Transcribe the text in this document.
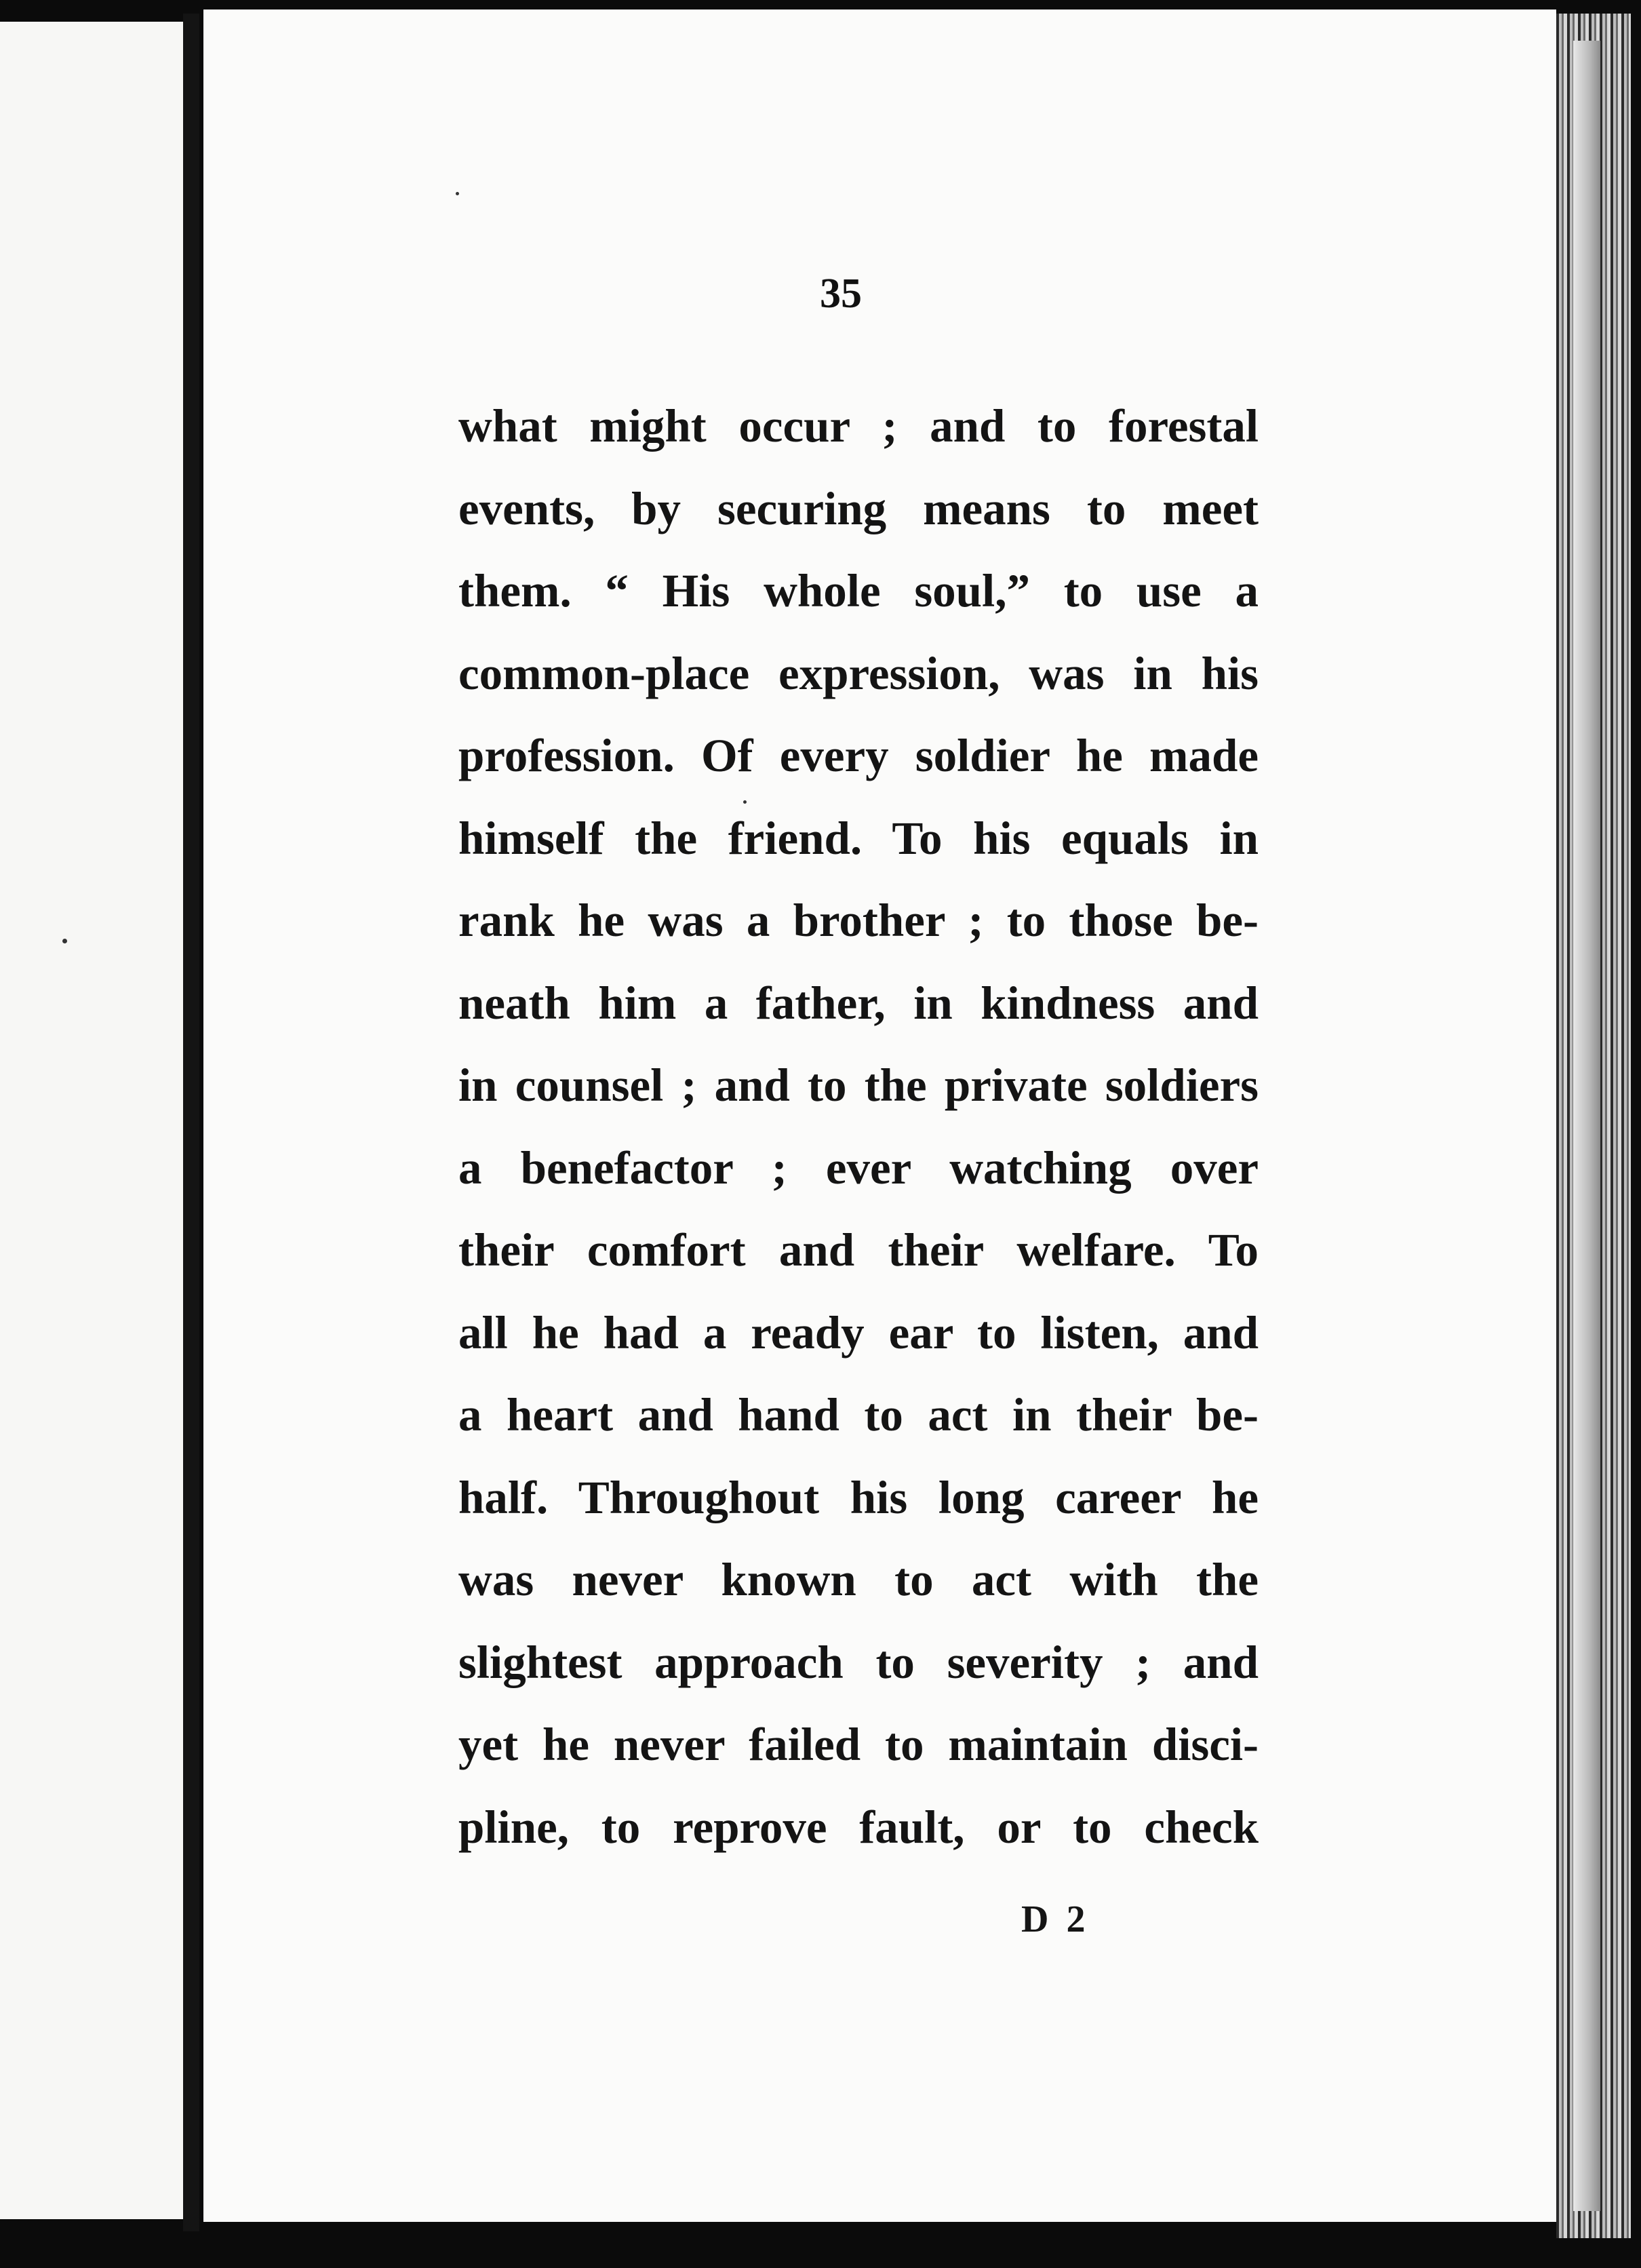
35
what might occur ; and to forestal
events, by securing means to meet
them. “ His whole soul,” to use a
common-place expression, was in his
profession. Of every soldier he made
himself the friend. To his equals in
rank he was a brother ; to those be-
neath him a father, in kindness and
in counsel ; and to the private soldiers
a benefactor ; ever watching over
their comfort and their welfare. To
all he had a ready ear to listen, and
a heart and hand to act in their be-
half. Throughout his long career he
was never known to act with the
slightest approach to severity ; and
yet he never failed to maintain disci-
pline, to reprove fault, or to check
D 2
